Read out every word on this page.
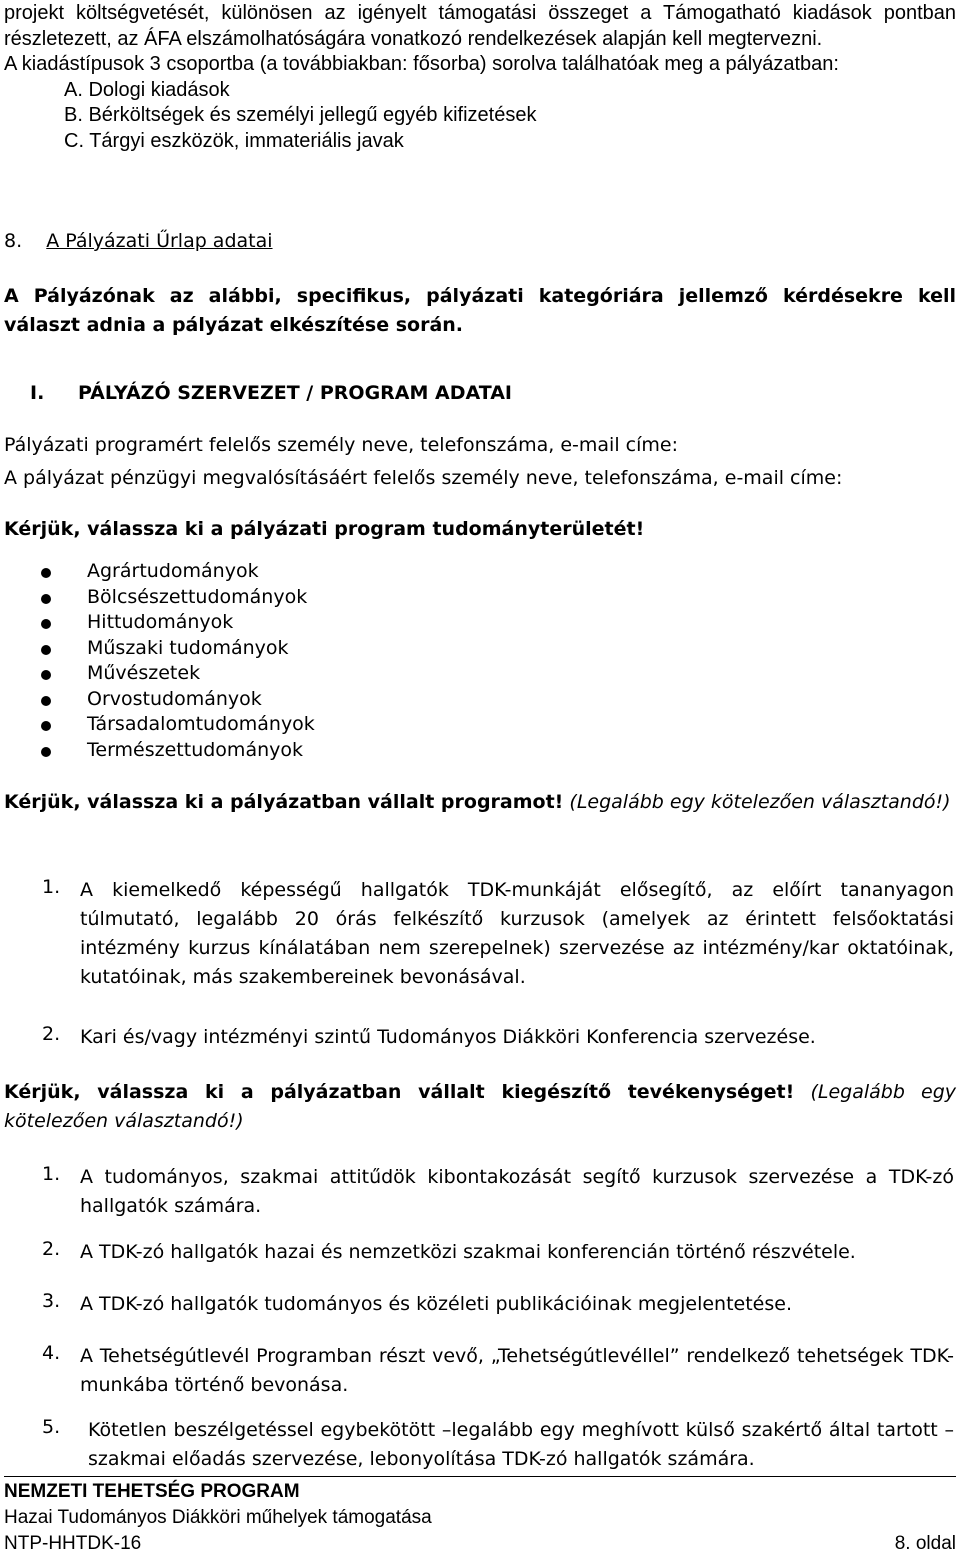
projekt költségvetését, különösen az igényelt támogatási összeget a Támogatható kiadások pontban részletezett, az ÁFA elszámolhatóságára vonatkozó rendelkezések alapján kell megtervezni.

A kiadástípusok 3 csoportba (a továbbiakban: fősorba) sorolva találhatóak meg a pályázatban:

A. Dologi kiadások

B. Bérköltségek és személyi jellegű egyéb kifizetések

C. Tárgyi eszközök, immateriális javak

8. A Pályázati Űrlap adatai
A Pályázónak az alábbi, specifikus, pályázati kategóriára jellemző kérdésekre kell választ adnia a pályázat elkészítése során.
I. PÁLYÁZÓ SZERVEZET / PROGRAM ADATAI
Pályázati programért felelős személy neve, telefonszáma, e-mail címe:
A pályázat pénzügyi megvalósításáért felelős személy neve, telefonszáma, e-mail címe:
Kérjük, válassza ki a pályázati program tudományterületét!
Agrártudományok
Bölcsészettudományok
Hittudományok
Műszaki tudományok
Művészetek
Orvostudományok
Társadalomtudományok
Természettudományok
Kérjük, válassza ki a pályázatban vállalt programot! (Legalább egy kötelezően választandó!)
1. A kiemelkedő képességű hallgatók TDK-munkáját elősegítő, az előírt tananyagon túlmutató, legalább 20 órás felkészítő kurzusok (amelyek az érintett felsőoktatási intézmény kurzus kínálatában nem szerepelnek) szervezése az intézmény/kar oktatóinak, kutatóinak, más szakembereinek bevonásával.
2. Kari és/vagy intézményi szintű Tudományos Diákköri Konferencia szervezése.
Kérjük, válassza ki a pályázatban vállalt kiegészítő tevékenységet! (Legalább egy kötelezően választandó!)
1. A tudományos, szakmai attitűdök kibontakozását segítő kurzusok szervezése a TDK-zó hallgatók számára.
2. A TDK-zó hallgatók hazai és nemzetközi szakmai konferencián történő részvétele.
3. A TDK-zó hallgatók tudományos és közéleti publikációinak megjelentetése.
4. A Tehetségútlevél Programban részt vevő, „Tehetségútlevéllel” rendelkező tehetségek TDK-munkába történő bevonása.
5.	Kötetlen beszélgetéssel egybekötött –legalább egy meghívott külső szakértő által tartott – szakmai előadás szervezése, lebonyolítása TDK-zó hallgatók számára.
NEMZETI TEHETSÉG PROGRAM
Hazai Tudományos Diákköri műhelyek támogatása
NTP-HHTDK-16	8. oldal
